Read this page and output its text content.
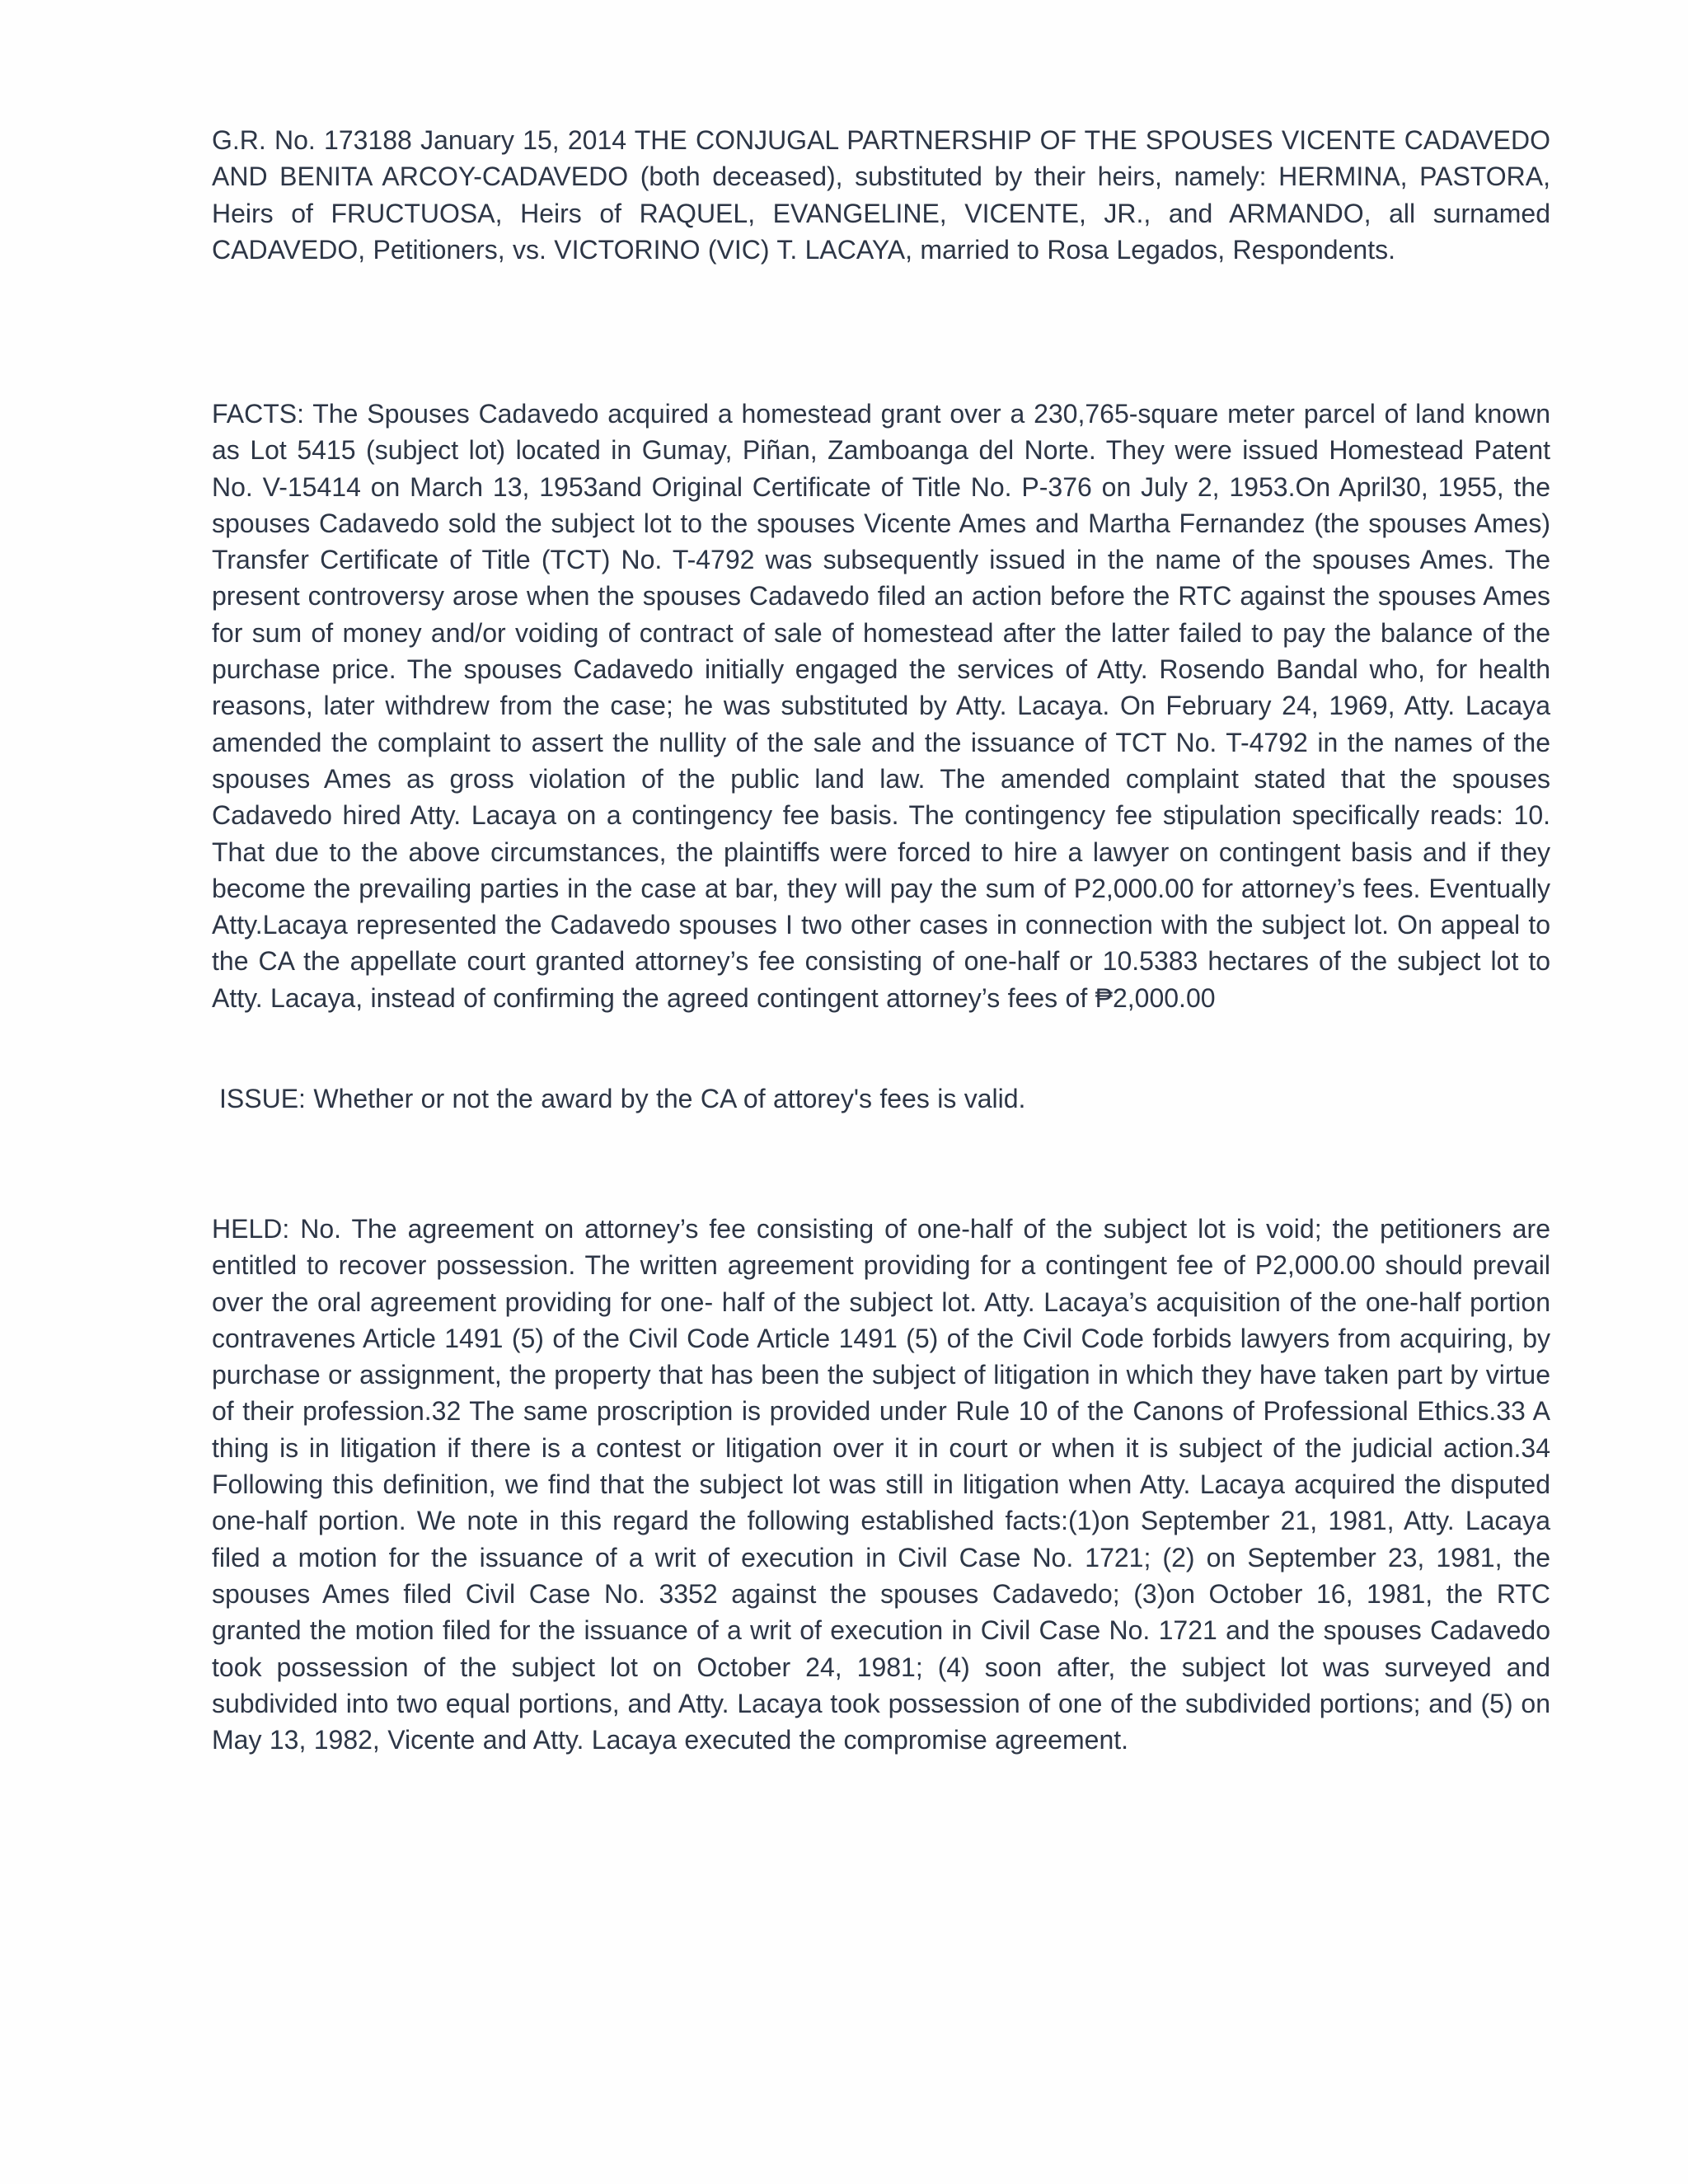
G.R. No. 173188 January 15, 2014 THE CONJUGAL PARTNERSHIP OF THE SPOUSES VICENTE CADAVEDO AND BENITA ARCOY-CADAVEDO (both deceased), substituted by their heirs, namely: HERMINA, PASTORA, Heirs of FRUCTUOSA, Heirs of RAQUEL, EVANGELINE, VICENTE, JR., and ARMANDO, all surnamed CADAVEDO, Petitioners, vs. VICTORINO (VIC) T. LACAYA, married to Rosa Legados, Respondents.

FACTS: The Spouses Cadavedo acquired a homestead grant over a 230,765-square meter parcel of land known as Lot 5415 (subject lot) located in Gumay, Piñan, Zamboanga del Norte. They were issued Homestead Patent No. V-15414 on March 13, 1953and Original Certificate of Title No. P-376 on July 2, 1953.On April30, 1955, the spouses Cadavedo sold the subject lot to the spouses Vicente Ames and Martha Fernandez (the spouses Ames) Transfer Certificate of Title (TCT) No. T-4792 was subsequently issued in the name of the spouses Ames. The present controversy arose when the spouses Cadavedo filed an action before the RTC against the spouses Ames for sum of money and/or voiding of contract of sale of homestead after the latter failed to pay the balance of the purchase price. The spouses Cadavedo initially engaged the services of Atty. Rosendo Bandal who, for health reasons, later withdrew from the case; he was substituted by Atty. Lacaya. On February 24, 1969, Atty. Lacaya amended the complaint to assert the nullity of the sale and the issuance of TCT No. T-4792 in the names of the spouses Ames as gross violation of the public land law. The amended complaint stated that the spouses Cadavedo hired Atty. Lacaya on a contingency fee basis. The contingency fee stipulation specifically reads: 10. That due to the above circumstances, the plaintiffs were forced to hire a lawyer on contingent basis and if they become the prevailing parties in the case at bar, they will pay the sum of P2,000.00 for attorney’s fees. Eventually Atty.Lacaya represented the Cadavedo spouses I two other cases in connection with the subject lot. On appeal to the CA the appellate court granted attorney’s fee consisting of one-half or 10.5383 hectares of the subject lot to Atty. Lacaya, instead of confirming the agreed contingent attorney’s fees of ₱2,000.00

ISSUE: Whether or not the award by the CA of attorey's fees is valid.

HELD: No. The agreement on attorney’s fee consisting of one-half of the subject lot is void; the petitioners are entitled to recover possession. The written agreement providing for a contingent fee of P2,000.00 should prevail over the oral agreement providing for one- half of the subject lot. Atty. Lacaya’s acquisition of the one-half portion contravenes Article 1491 (5) of the Civil Code Article 1491 (5) of the Civil Code forbids lawyers from acquiring, by purchase or assignment, the property that has been the subject of litigation in which they have taken part by virtue of their profession.32 The same proscription is provided under Rule 10 of the Canons of Professional Ethics.33 A thing is in litigation if there is a contest or litigation over it in court or when it is subject of the judicial action.34 Following this definition, we find that the subject lot was still in litigation when Atty. Lacaya acquired the disputed one-half portion. We note in this regard the following established facts:(1)on September 21, 1981, Atty. Lacaya filed a motion for the issuance of a writ of execution in Civil Case No. 1721; (2) on September 23, 1981, the spouses Ames filed Civil Case No. 3352 against the spouses Cadavedo; (3)on October 16, 1981, the RTC granted the motion filed for the issuance of a writ of execution in Civil Case No. 1721 and the spouses Cadavedo took possession of the subject lot on October 24, 1981; (4) soon after, the subject lot was surveyed and subdivided into two equal portions, and Atty. Lacaya took possession of one of the subdivided portions; and (5) on May 13, 1982, Vicente and Atty. Lacaya executed the compromise agreement.
